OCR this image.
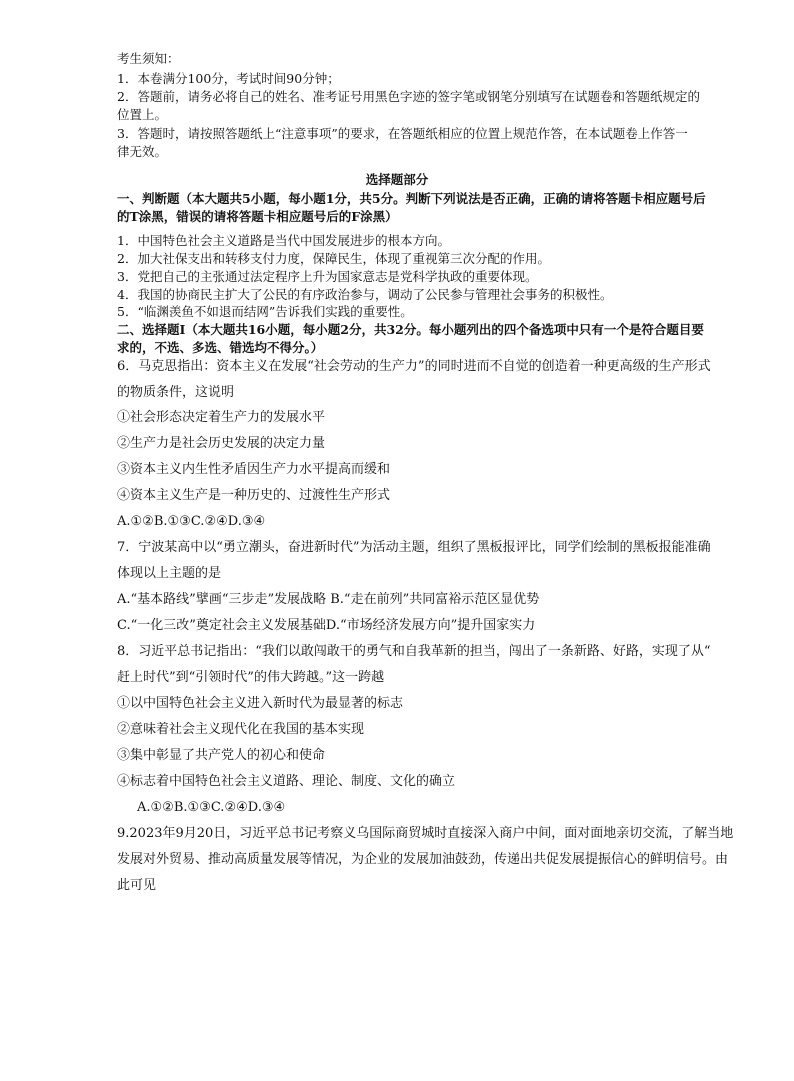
考生须知：
1．本卷满分100分，考试时间90分钟；
2．答题前，请务必将自己的姓名、准考证号用黑色字迹的签字笔或钢笔分别填写在试题卷和答题纸规定的
位置上。
3．答题时，请按照答题纸上“注意事项”的要求，在答题纸相应的位置上规范作答，在本试题卷上作答一
律无效。
选择题部分
一、判断题（本大题共5小题，每小题1分，共5分。判断下列说法是否正确，正确的请将答题卡相应题号后
的T涂黑，错误的请将答题卡相应题号后的F涂黑）
1．中国特色社会主义道路是当代中国发展进步的根本方向。
2．加大社保支出和转移支付力度，保障民生，体现了重视第三次分配的作用。
3．党把自己的主张通过法定程序上升为国家意志是党科学执政的重要体现。
4．我国的协商民主扩大了公民的有序政治参与，调动了公民参与管理社会事务的积极性。
5．“临渊羡鱼不如退而结网”告诉我们实践的重要性。
二、选择题Ⅰ（本大题共16小题，每小题2分，共32分。每小题列出的四个备选项中只有一个是符合题目要
求的，不选、多选、错选均不得分。）
6．马克思指出：资本主义在发展“社会劳动的生产力”的同时进而不自觉的创造着一种更高级的生产形式
的物质条件，这说明
①社会形态决定着生产力的发展水平
②生产力是社会历史发展的决定力量
③资本主义内生性矛盾因生产力水平提高而缓和
④资本主义生产是一种历史的、过渡性生产形式
A.①②B.①③C.②④D.③④
7．宁波某高中以“勇立潮头，奋进新时代”为活动主题，组织了黑板报评比，同学们绘制的黑板报能准确
体现以上主题的是
A.“基本路线”擘画“三步走”发展战略 B.“走在前列”共同富裕示范区显优势
C.“一化三改”奠定社会主义发展基础D.“市场经济发展方向”提升国家实力
8．习近平总书记指出：“我们以敢闯敢干的勇气和自我革新的担当，闯出了一条新路、好路，实现了从“
赶上时代”到“引领时代”的伟大跨越。”这一跨越
①以中国特色社会主义进入新时代为最显著的标志
②意味着社会主义现代化在我国的基本实现
③集中彰显了共产党人的初心和使命
④标志着中国特色社会主义道路、理论、制度、文化的确立
A.①②B.①③C.②④D.③④
9.2023年9月20日，习近平总书记考察义乌国际商贸城时直接深入商户中间，面对面地亲切交流，了解当地
发展对外贸易、推动高质量发展等情况，为企业的发展加油鼓劲，传递出共促发展提振信心的鲜明信号。由
此可见
